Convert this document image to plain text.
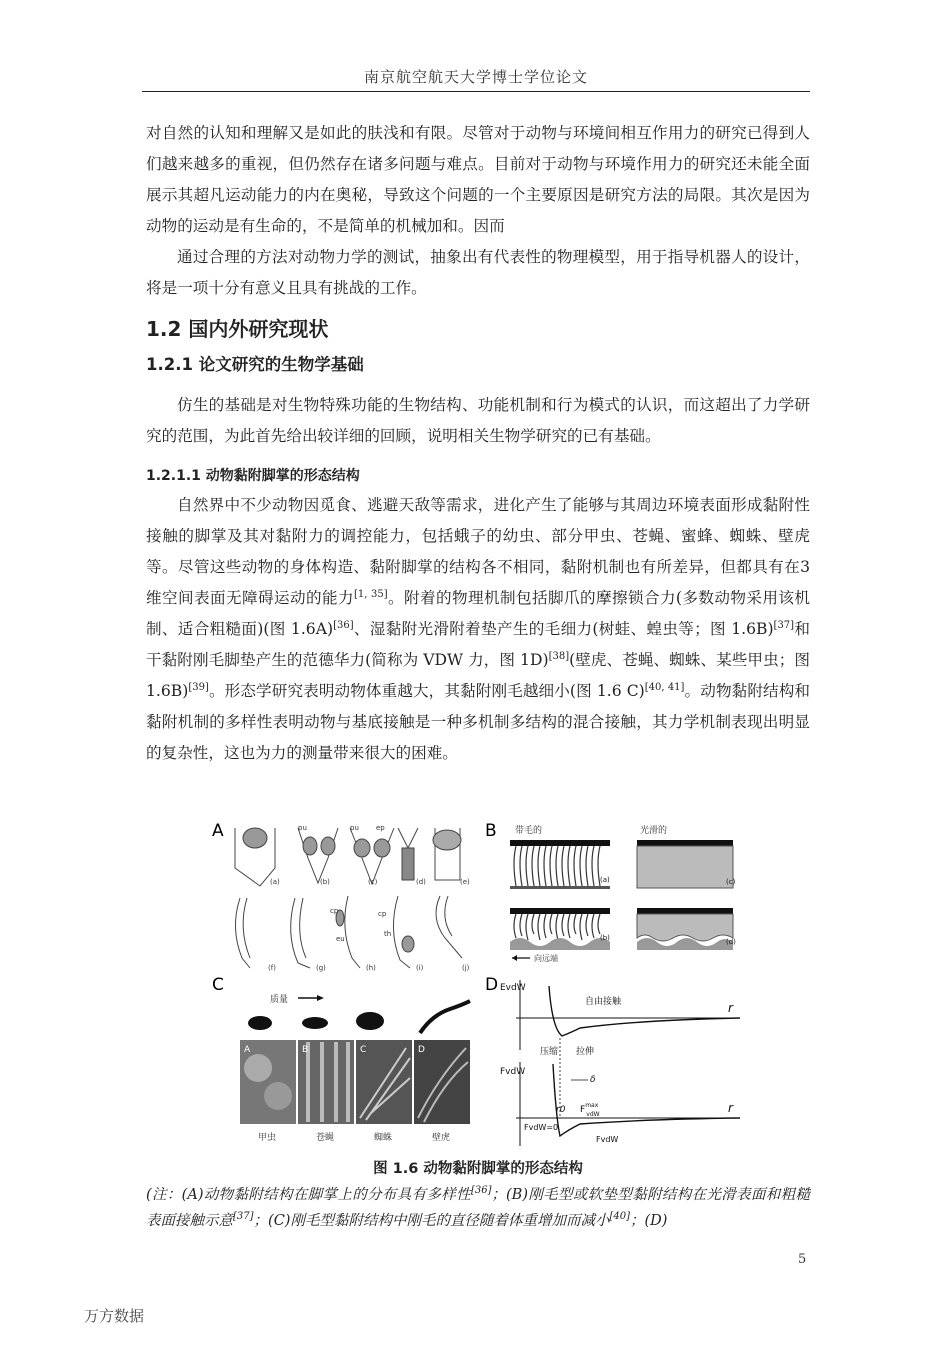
南京航空航天大学博士学位论文

对自然的认知和理解又是如此的肤浅和有限。尽管对于动物与环境间相互作用力的研究已得到人们越来越多的重视，但仍然存在诸多问题与难点。目前对于动物与环境作用力的研究还未能全面展示其超凡运动能力的内在奥秘，导致这个问题的一个主要原因是研究方法的局限。其次是因为动物的运动是有生命的，不是简单的机械加和。因而

通过合理的方法对动物力学的测试，抽象出有代表性的物理模型，用于指导机器人的设计，将是一项十分有意义且具有挑战的工作。

1.2 国内外研究现状
1.2.1 论文研究的生物学基础

仿生的基础是对生物特殊功能的生物结构、功能机制和行为模式的认识，而这超出了力学研究的范围，为此首先给出较详细的回顾，说明相关生物学研究的已有基础。

1.2.1.1 动物黏附脚掌的形态结构

自然界中不少动物因觅食、逃避天敌等需求，进化产生了能够与其周边环境表面形成黏附性接触的脚掌及其对黏附力的调控能力，包括蛾子的幼虫、部分甲虫、苍蝇、蜜蜂、蜘蛛、壁虎等。尽管这些动物的身体构造、黏附脚掌的结构各不相同，黏附机制也有所差异，但都具有在3维空间表面无障碍运动的能力[1, 35]。附着的物理机制包括脚爪的摩擦锁合力(多数动物采用该机制、适合粗糙面)(图 1.6A)[36]、湿黏附光滑附着垫产生的毛细力(树蛙、蝗虫等；图 1.6B)[37]和干黏附刚毛脚垫产生的范德华力(简称为 VDW 力，图 1D)[38](壁虎、苍蝇、蜘蛛、某些甲虫；图 1.6B)[39]。形态学研究表明动物体重越大，其黏附刚毛越细小(图 1.6 C)[40, 41]。动物黏附结构和黏附机制的多样性表明动物与基底接触是一种多机制多结构的混合接触，其力学机制表现出明显的复杂性，这也为力的测量带来很大的困难。

A	B
C	D
pu	pu ep
cp
eu
cp
th
(a)	(b)	(c)	(d)	(e)
(f)	(g)	(h)	(i)	(j)
带毛的	光滑的
(a)
(b)
(c)
(d)
向远端
质量
A	B	C	D
甲虫	苍蝇	蜘蛛	壁虎
EvdW
自由接触	r
压缩 拉伸
δ
FvdW
r0 $F^{max}$ vdW	r
FvdW=0
FvdW
图 1.6 动物黏附脚掌的形态结构
(注：(A)动物黏附结构在脚掌上的分布具有多样性[36]；(B)刚毛型或软垫型黏附结构在光滑表面和粗糙表面接触示意[37]；(C)刚毛型黏附结构中刚毛的直径随着体重增加而减小[40]；(D)
5
万方数据
